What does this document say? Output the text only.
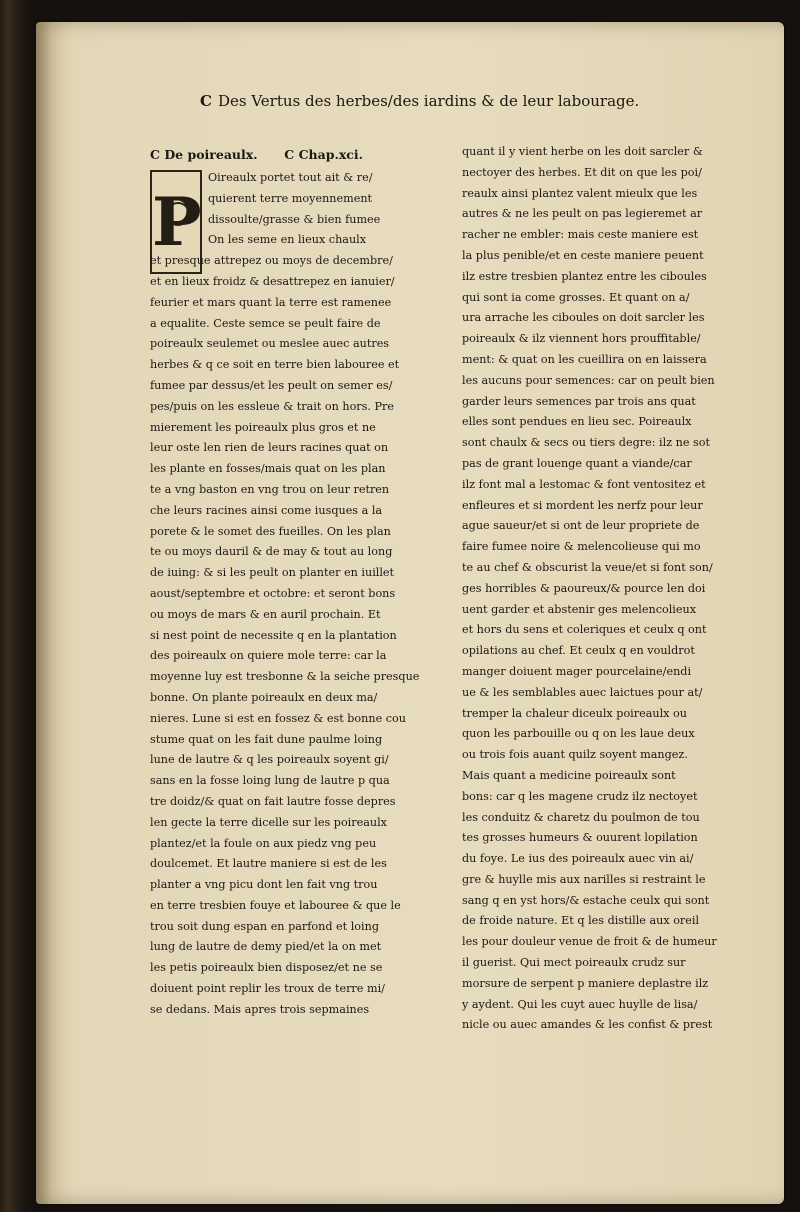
C Des Vertus des herbes/des iardins & de leur labourage.
C De poireaulx. C Chap.xci.
P
Oireaulx portet tout ait & re/
quierent terre moyennement
dissoulte/grasse & bien fumee
On les seme en lieux chaulx
et presque attrepez ou moys de decembre/
et en lieux froidz & desattrepez en ianuier/
feurier et mars quant la terre est ramenee
a equalite. Ceste semce se peult faire de
poireaulx seulemet ou meslee auec autres
herbes & q ce soit en terre bien labouree et
fumee par dessus/et les peult on semer es/
pes/puis on les essleue & trait on hors. Pre
mierement les poireaulx plus gros et ne
leur oste len rien de leurs racines quat on
les plante en fosses/mais quat on les plan
te a vng baston en vng trou on leur retren
che leurs racines ainsi come iusques a la
porete & le somet des fueilles. On les plan
te ou moys dauril & de may & tout au long
de iuing: & si les peult on planter en iuillet
aoust/septembre et octobre: et seront bons
ou moys de mars & en auril prochain. Et
si nest point de necessite q en la plantation
des poireaulx on quiere mole terre: car la
moyenne luy est tresbonne & la seiche presque
bonne. On plante poireaulx en deux ma/
nieres. Lune si est en fossez & est bonne cou
stume quat on les fait dune paulme loing
lune de lautre & q les poireaulx soyent gi/
sans en la fosse loing lung de lautre p qua
tre doidz/& quat on fait lautre fosse depres
len gecte la terre dicelle sur les poireaulx
plantez/et la foule on aux piedz vng peu
doulcemet. Et lautre maniere si est de les
planter a vng picu dont len fait vng trou
en terre tresbien fouye et labouree & que le
trou soit dung espan en parfond et loing
lung de lautre de demy pied/et la on met
les petis poireaulx bien disposez/et ne se
doiuent point replir les troux de terre mi/
se dedans. Mais apres trois sepmaines
quant il y vient herbe on les doit sarcler &
nectoyer des herbes. Et dit on que les poi/
reaulx ainsi plantez valent mieulx que les
autres & ne les peult on pas legieremet ar
racher ne embler: mais ceste maniere est
la plus penible/et en ceste maniere peuent
ilz estre tresbien plantez entre les ciboules
qui sont ia come grosses. Et quant on a/
ura arrache les ciboules on doit sarcler les
poireaulx & ilz viennent hors prouffitable/
ment: & quat on les cueillira on en laissera
les aucuns pour semences: car on peult bien
garder leurs semences par trois ans quat
elles sont pendues en lieu sec. Poireaulx
sont chaulx & secs ou tiers degre: ilz ne sot
pas de grant louenge quant a viande/car
ilz font mal a lestomac & font ventositez et
enfleures et si mordent les nerfz pour leur
ague saueur/et si ont de leur propriete de
faire fumee noire & melencolieuse qui mo
te au chef & obscurist la veue/et si font son/
ges horribles & paoureux/& pource len doi
uent garder et abstenir ges melencolieux
et hors du sens et coleriques et ceulx q ont
opilations au chef. Et ceulx q en vouldrot
manger doiuent mager pourcelaine/endi
ue & les semblables auec laictues pour at/
tremper la chaleur diceulx poireaulx ou
quon les parbouille ou q on les laue deux
ou trois fois auant quilz soyent mangez.
Mais quant a medicine poireaulx sont
bons: car q les magene crudz ilz nectoyet
les conduitz & charetz du poulmon de tou
tes grosses humeurs & ouurent lopilation
du foye. Le ius des poireaulx auec vin ai/
gre & huylle mis aux narilles si restraint le
sang q en yst hors/& estache ceulx qui sont
de froide nature. Et q les distille aux oreil
les pour douleur venue de froit & de humeur
il guerist. Qui mect poireaulx crudz sur
morsure de serpent p maniere deplastre ilz
y aydent. Qui les cuyt auec huylle de lisa/
nicle ou auec amandes & les confist & prest
